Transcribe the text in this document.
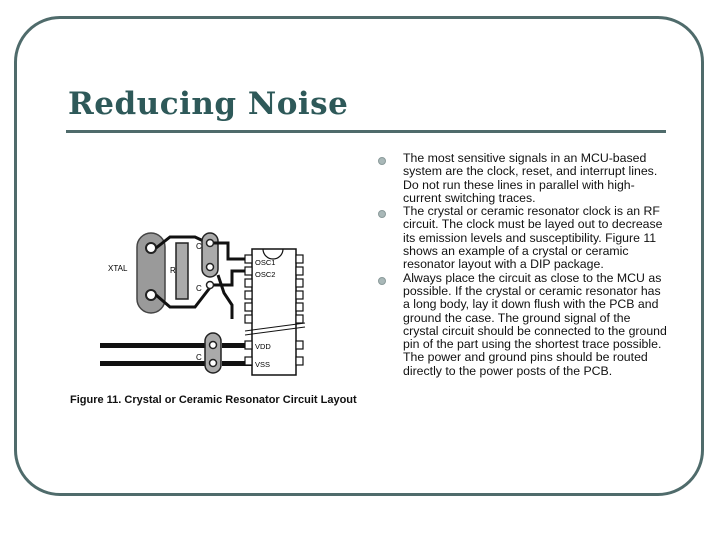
Reducing Noise
XTAL	R
C
C
C
OSC1
OSC2
VDD
VSS
Figure 11. Crystal or Ceramic Resonator Circuit Layout
The most sensitive signals in an MCU-based system are the clock, reset, and interrupt lines. Do not run these lines in parallel with high-current switching traces.
The crystal or ceramic resonator clock is an RF circuit. The clock must be layed out to decrease its emission levels and susceptibility. Figure 11 shows an example of a crystal or ceramic resonator layout with a DIP package.
Always place the circuit as close to the MCU as possible. If the crystal or ceramic resonator has a long body, lay it down flush with the PCB and ground the case. The ground signal of the crystal circuit should be connected to the ground pin of the part using the shortest trace possible. The power and ground pins should be routed directly to the power posts of the PCB.
